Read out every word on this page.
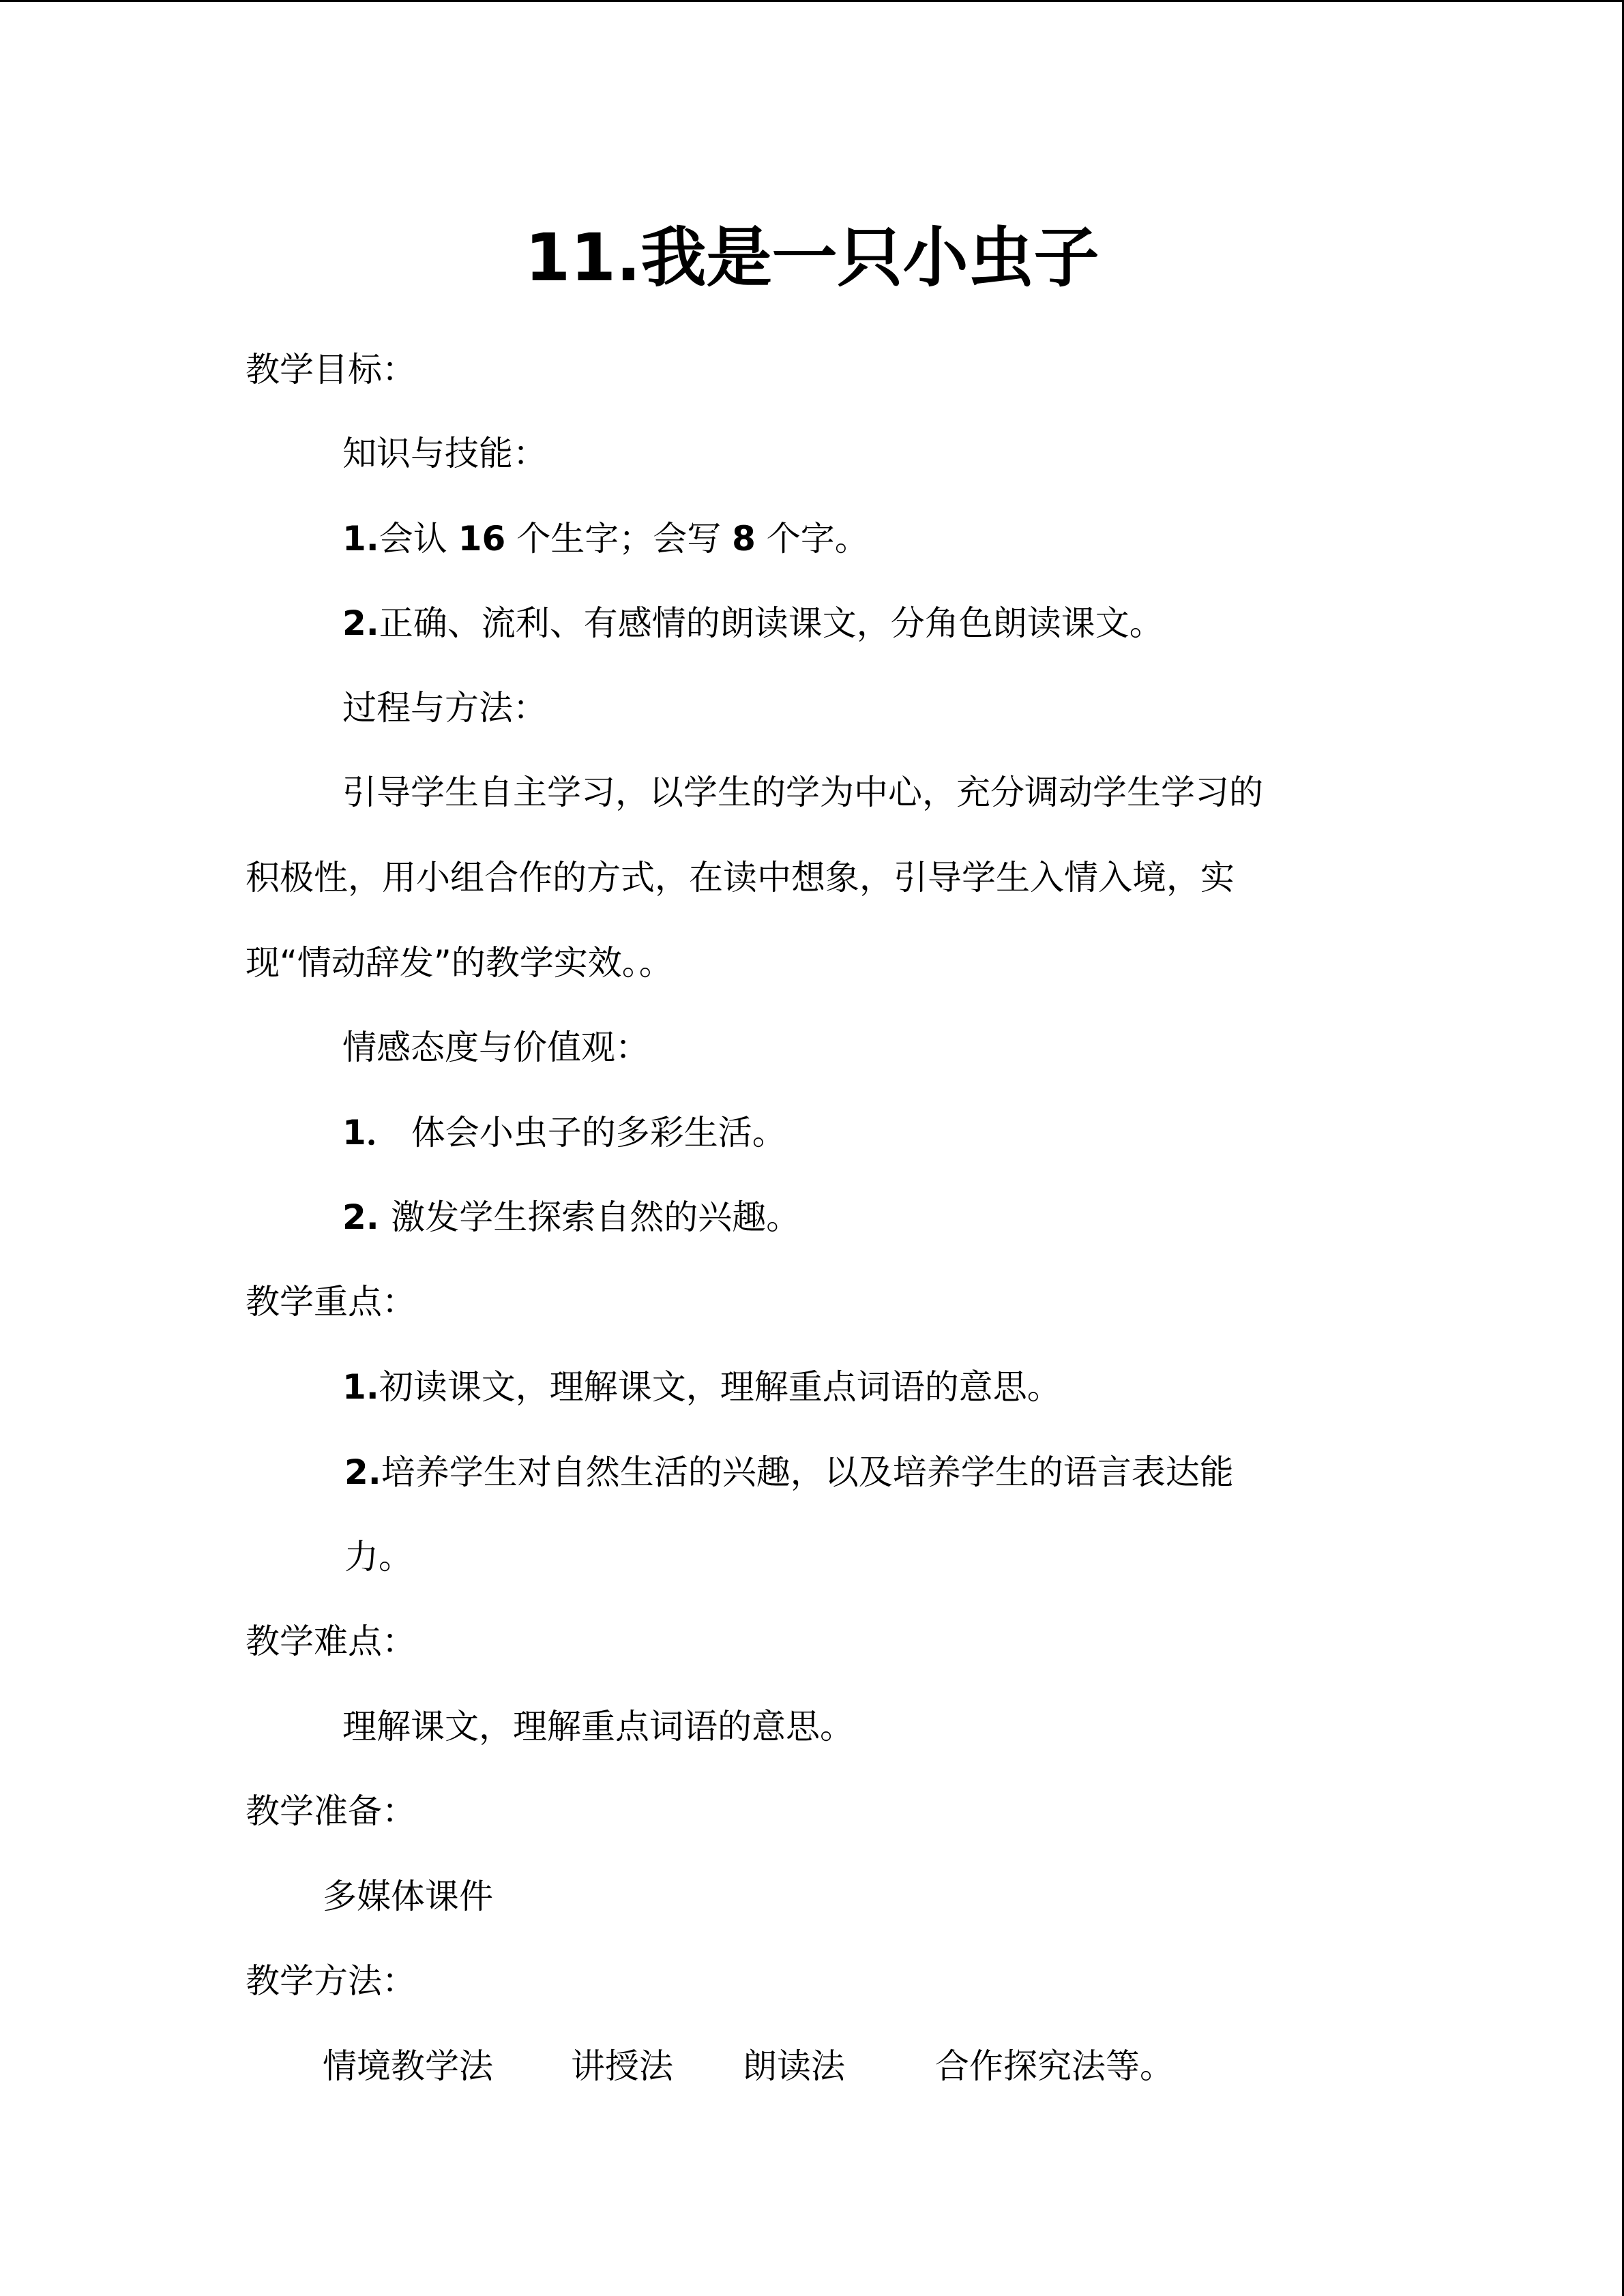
11.我是一只小虫子
教学目标：
知识与技能：
1.会认 16 个生字；会写 8 个字。
2.正确、流利、有感情的朗读课文，分角色朗读课文。
过程与方法：
引导学生自主学习，以学生的学为中心，充分调动学生学习的
积极性，用小组合作的方式，在读中想象，引导学生入情入境，实
现“情动辞发”的教学实效。。
情感态度与价值观：
1． 体会小虫子的多彩生活。
2. 激发学生探索自然的兴趣。
教学重点：
1.初读课文，理解课文，理解重点词语的意思。
2.培养学生对自然生活的兴趣，以及培养学生的语言表达能
力。
教学难点：
理解课文，理解重点词语的意思。
教学准备：
多媒体课件
教学方法：
情境教学法 讲授法 朗读法	合作探究法等。
